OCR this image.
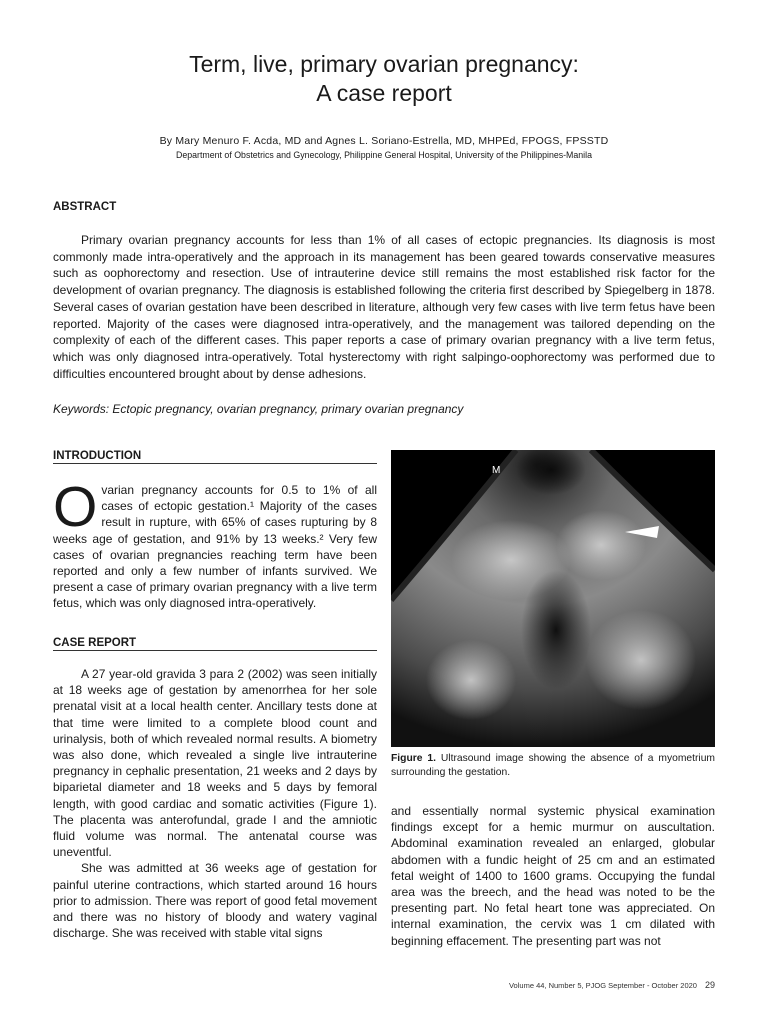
Term, live, primary ovarian pregnancy:
A case report
By Mary Menuro F. Acda, MD and Agnes L. Soriano-Estrella, MD, MHPEd, FPOGS, FPSSTD
Department of Obstetrics and Gynecology, Philippine General Hospital, University of the Philippines-Manila
ABSTRACT

Primary ovarian pregnancy accounts for less than 1% of all cases of ectopic pregnancies. Its diagnosis is most commonly made intra-operatively and the approach in its management has been geared towards conservative measures such as oophorectomy and resection. Use of intrauterine device still remains the most established risk factor for the development of ovarian pregnancy. The diagnosis is established following the criteria first described by Spiegelberg in 1878. Several cases of ovarian gestation have been described in literature, although very few cases with live term fetus have been reported. Majority of the cases were diagnosed intra-operatively, and the management was tailored depending on the complexity of each of the different cases. This paper reports a case of primary ovarian pregnancy with a live term fetus, which was only diagnosed intra-operatively. Total hysterectomy with right salpingo-oophorectomy was performed due to difficulties encountered brought about by dense adhesions.

Keywords: Ectopic pregnancy, ovarian pregnancy, primary ovarian pregnancy

INTRODUCTION
Ovarian pregnancy accounts for 0.5 to 1% of all cases of ectopic gestation.¹ Majority of the cases result in rupture, with 65% of cases rupturing by 8 weeks age of gestation, and 91% by 13 weeks.² Very few cases of ovarian pregnancies reaching term have been reported and only a few number of infants survived. We present a case of primary ovarian pregnancy with a live term fetus, which was only diagnosed intra-operatively.
CASE REPORT

A 27 year-old gravida 3 para 2 (2002) was seen initially at 18 weeks age of gestation by amenorrhea for her sole prenatal visit at a local health center. Ancillary tests done at that time were limited to a complete blood count and urinalysis, both of which revealed normal results. A biometry was also done, which revealed a single live intrauterine pregnancy in cephalic presentation, 21 weeks and 2 days by biparietal diameter and 18 weeks and 5 days by femoral length, with good cardiac and somatic activities (Figure 1). The placenta was anterofundal, grade I and the amniotic fluid volume was normal. The antenatal course was uneventful.

She was admitted at 36 weeks age of gestation for painful uterine contractions, which started around 16 hours prior to admission. There was report of good fetal movement and there was no history of bloody and watery vaginal discharge. She was received with stable vital signs

M

Figure 1. Ultrasound image showing the absence of a myometrium surrounding the gestation.

and essentially normal systemic physical examination findings except for a hemic murmur on auscultation. Abdominal examination revealed an enlarged, globular abdomen with a fundic height of 25 cm and an estimated fetal weight of 1400 to 1600 grams. Occupying the fundal area was the breech, and the head was noted to be the presenting part. No fetal heart tone was appreciated. On internal examination, the cervix was 1 cm dilated with beginning effacement. The presenting part was not

Volume 44, Number 5, PJOG September - October 2020 29
